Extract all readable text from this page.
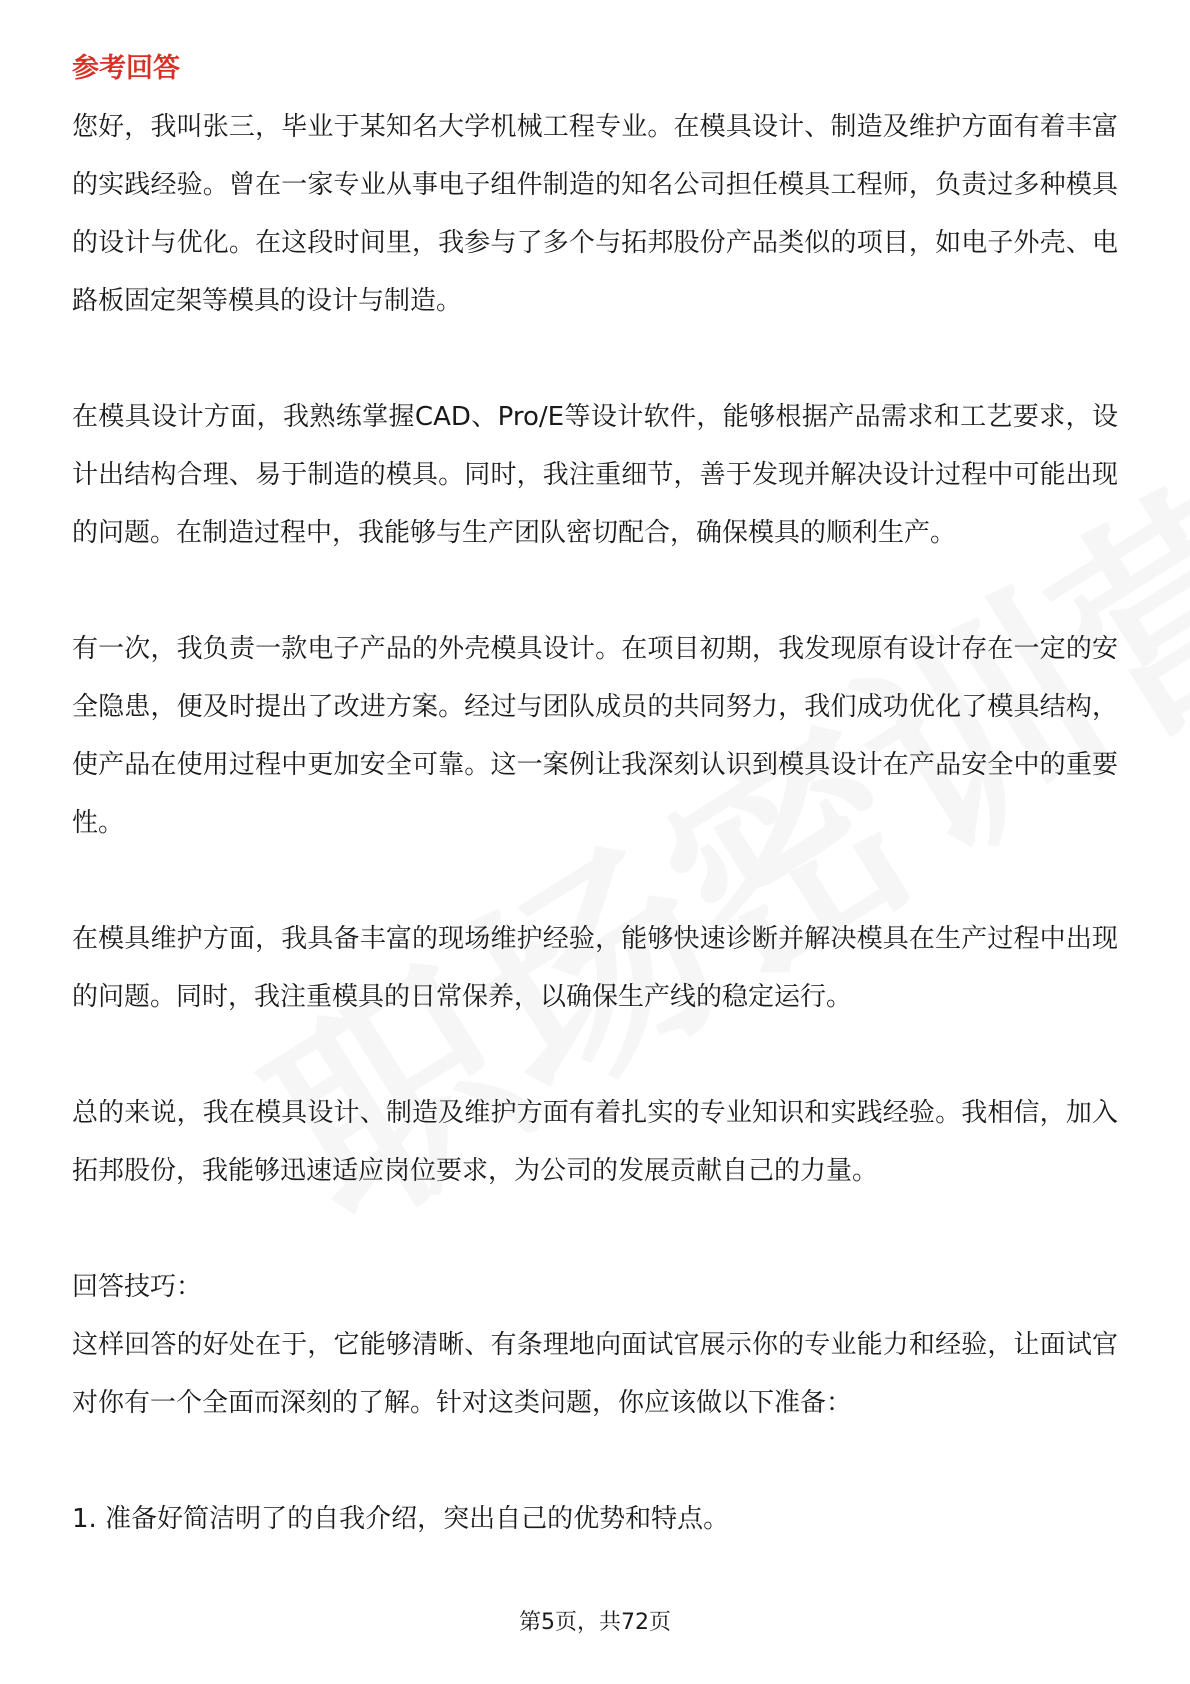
参考回答

您好，我叫张三，毕业于某知名大学机械工程专业。在模具设计、制造及维护方面有着丰富的实践经验。曾在一家专业从事电子组件制造的知名公司担任模具工程师，负责过多种模具的设计与优化。在这段时间里，我参与了多个与拓邦股份产品类似的项目，如电子外壳、电路板固定架等模具的设计与制造。

在模具设计方面，我熟练掌握CAD、Pro/E等设计软件，能够根据产品需求和工艺要求，设计出结构合理、易于制造的模具。同时，我注重细节，善于发现并解决设计过程中可能出现的问题。在制造过程中，我能够与生产团队密切配合，确保模具的顺利生产。

有一次，我负责一款电子产品的外壳模具设计。在项目初期，我发现原有设计存在一定的安全隐患，便及时提出了改进方案。经过与团队成员的共同努力，我们成功优化了模具结构，使产品在使用过程中更加安全可靠。这一案例让我深刻认识到模具设计在产品安全中的重要性。

在模具维护方面，我具备丰富的现场维护经验，能够快速诊断并解决模具在生产过程中出现的问题。同时，我注重模具的日常保养，以确保生产线的稳定运行。

总的来说，我在模具设计、制造及维护方面有着扎实的专业知识和实践经验。我相信，加入拓邦股份，我能够迅速适应岗位要求，为公司的发展贡献自己的力量。

回答技巧：

这样回答的好处在于，它能够清晰、有条理地向面试官展示你的专业能力和经验，让面试官对你有一个全面而深刻的了解。针对这类问题，你应该做以下准备：

1. 准备好简洁明了的自我介绍，突出自己的优势和特点。

第5页，共72页
